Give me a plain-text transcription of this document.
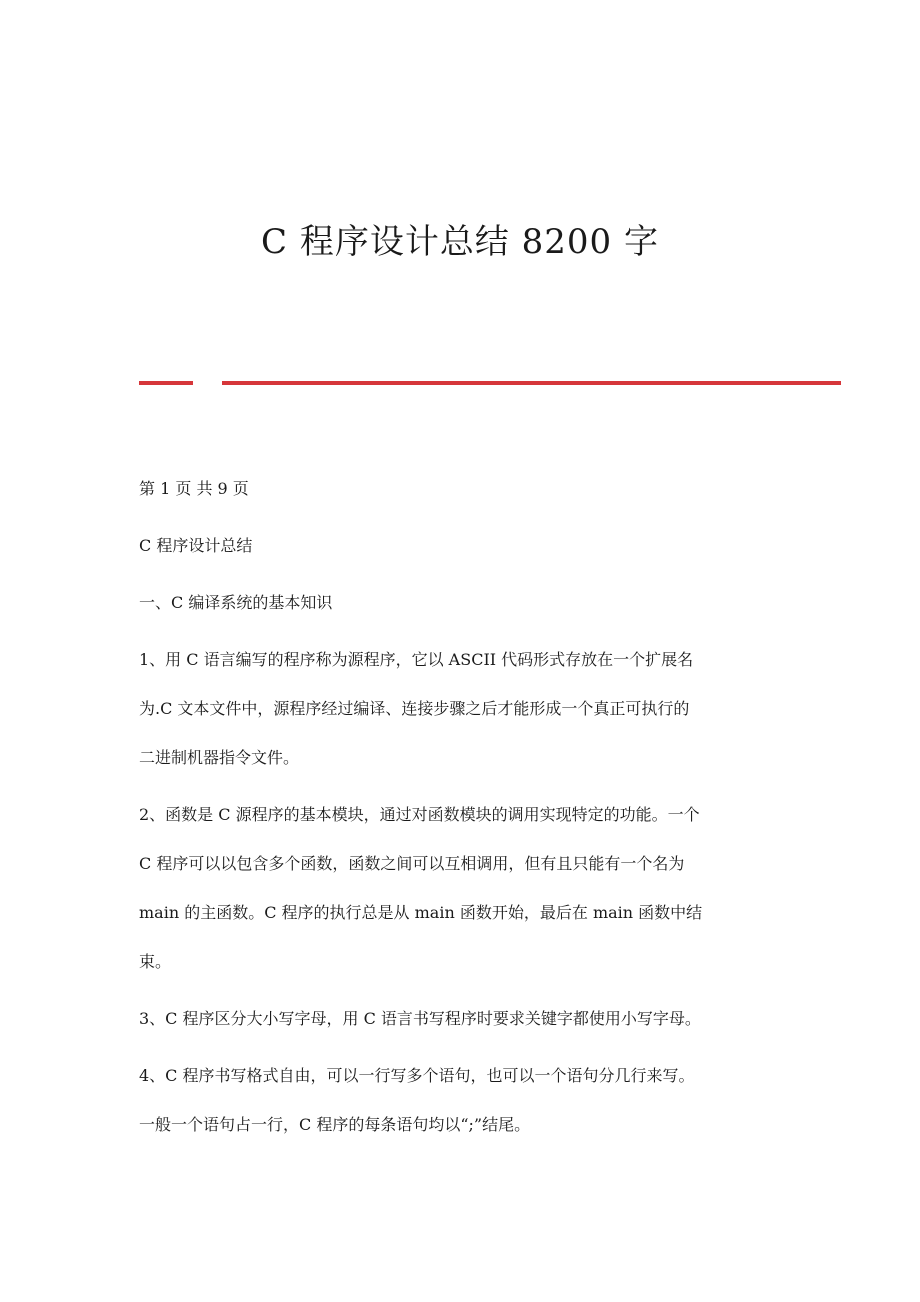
C 程序设计总结 8200 字

第 1 页 共 9 页

C 程序设计总结

一、C 编译系统的基本知识

1、用 C 语言编写的程序称为源程序，它以 ASCII 代码形式存放在一个扩展名

为.C 文本文件中，源程序经过编译、连接步骤之后才能形成一个真正可执行的

二进制机器指令文件。

2、函数是 C 源程序的基本模块，通过对函数模块的调用实现特定的功能。一个

C 程序可以以包含多个函数，函数之间可以互相调用，但有且只能有一个名为

main 的主函数。C 程序的执行总是从 main 函数开始，最后在 main 函数中结

束。

3、C 程序区分大小写字母，用 C 语言书写程序时要求关键字都使用小写字母。

4、C 程序书写格式自由，可以一行写多个语句，也可以一个语句分几行来写。

一般一个语句占一行，C 程序的每条语句均以“;”结尾。
